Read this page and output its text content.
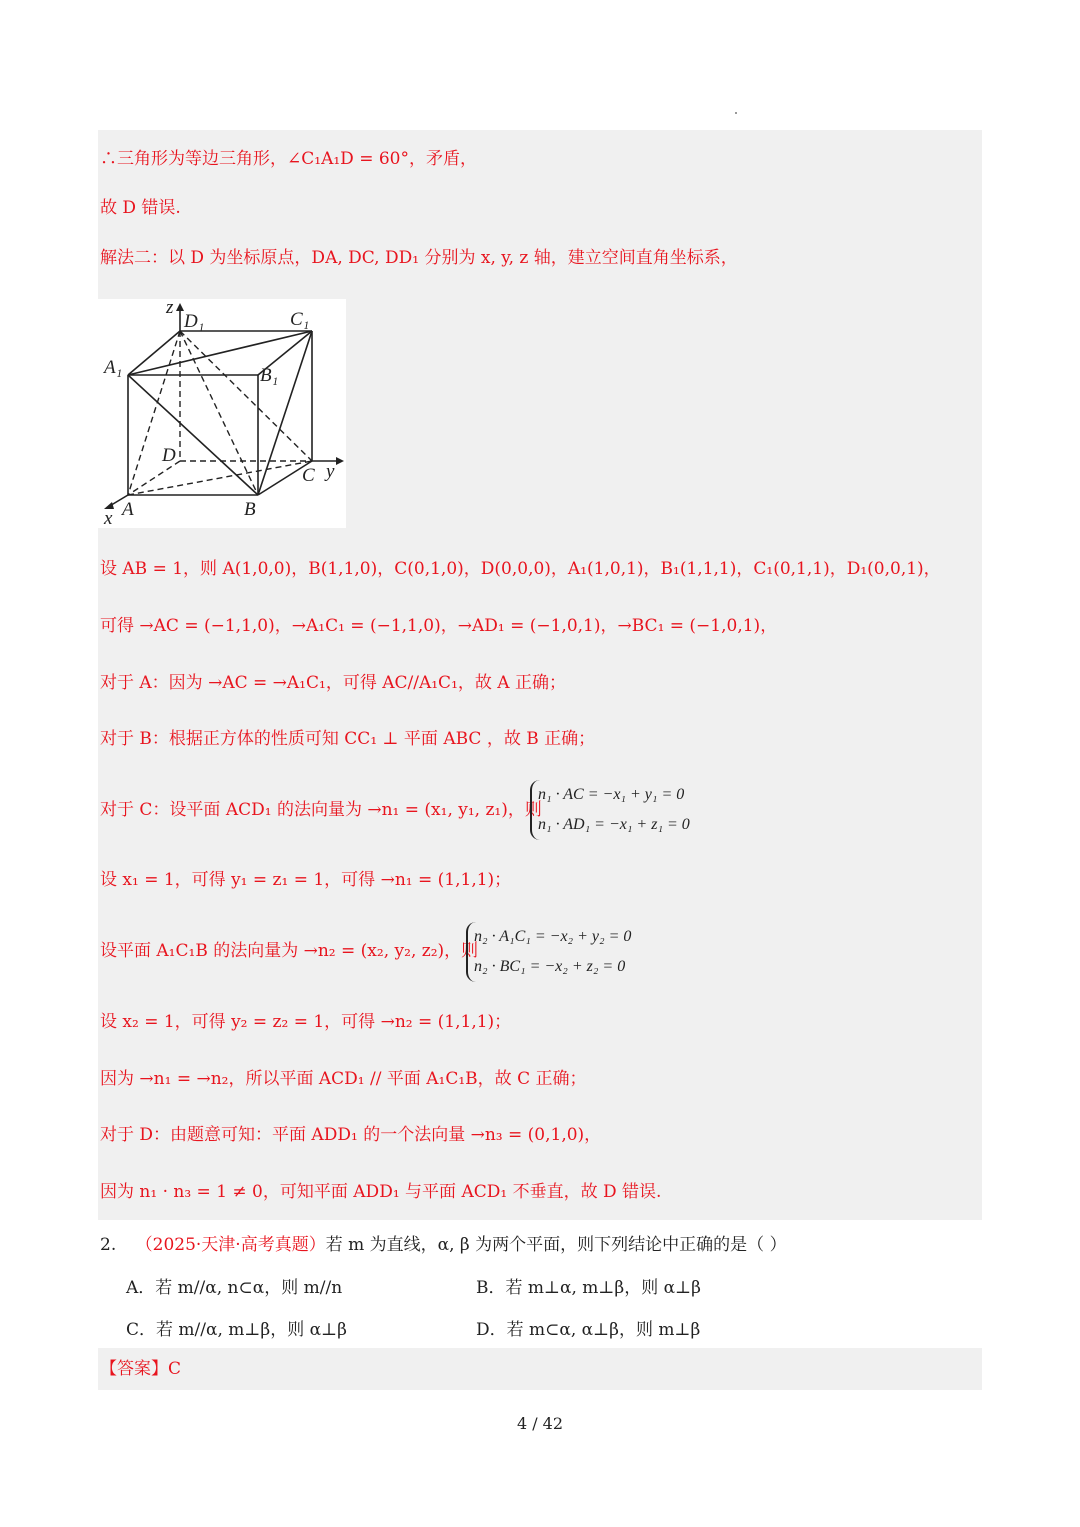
∴三角形为等边三角形，∠C₁A₁D = 60°，矛盾，
故 D 错误.
解法二：以 D 为坐标原点，DA, DC, DD₁ 分别为 x, y, z 轴，建立空间直角坐标系，
z
D₁	C₁
A₁	B₁
D
C y
x A	B
设 AB = 1，则 A(1,0,0)，B(1,1,0)，C(0,1,0)，D(0,0,0)，A₁(1,0,1)，B₁(1,1,1)，C₁(0,1,1)，D₁(0,0,1)，
可得 →AC = (−1,1,0)，→A₁C₁ = (−1,1,0)，→AD₁ = (−1,0,1)，→BC₁ = (−1,0,1)，
对于 A：因为 →AC = →A₁C₁，可得 AC//A₁C₁，故 A 正确；
对于 B：根据正方体的性质可知 CC₁ ⊥ 平面 ABC ，故 B 正确；
对于 C：设平面 ACD₁ 的法向量为 →n₁ = (x₁, y₁, z₁)，则
n₁ · AC = −x₁ + y₁ = 0
n₁ · AD₁ = −x₁ + z₁ = 0
设 x₁ = 1，可得 y₁ = z₁ = 1，可得 →n₁ = (1,1,1)；
设平面 A₁C₁B 的法向量为 →n₂ = (x₂, y₂, z₂)，则
n₂ · A₁C₁ = −x₂ + y₂ = 0
n₂ · BC₁ = −x₂ + z₂ = 0
设 x₂ = 1，可得 y₂ = z₂ = 1，可得 →n₂ = (1,1,1)；
因为 →n₁ = →n₂，所以平面 ACD₁ // 平面 A₁C₁B，故 C 正确；
对于 D：由题意可知：平面 ADD₁ 的一个法向量 →n₃ = (0,1,0)，
因为 n₁ · n₃ = 1 ≠ 0，可知平面 ADD₁ 与平面 ACD₁ 不垂直，故 D 错误.
2. （2025·天津·高考真题）若 m 为直线，α, β 为两个平面，则下列结论中正确的是（ ）
A．若 m//α, n⊂α，则 m//n	B．若 m⊥α, m⊥β，则 α⊥β
C．若 m//α, m⊥β，则 α⊥β	D．若 m⊂α, α⊥β，则 m⊥β
【答案】C
4 / 42
